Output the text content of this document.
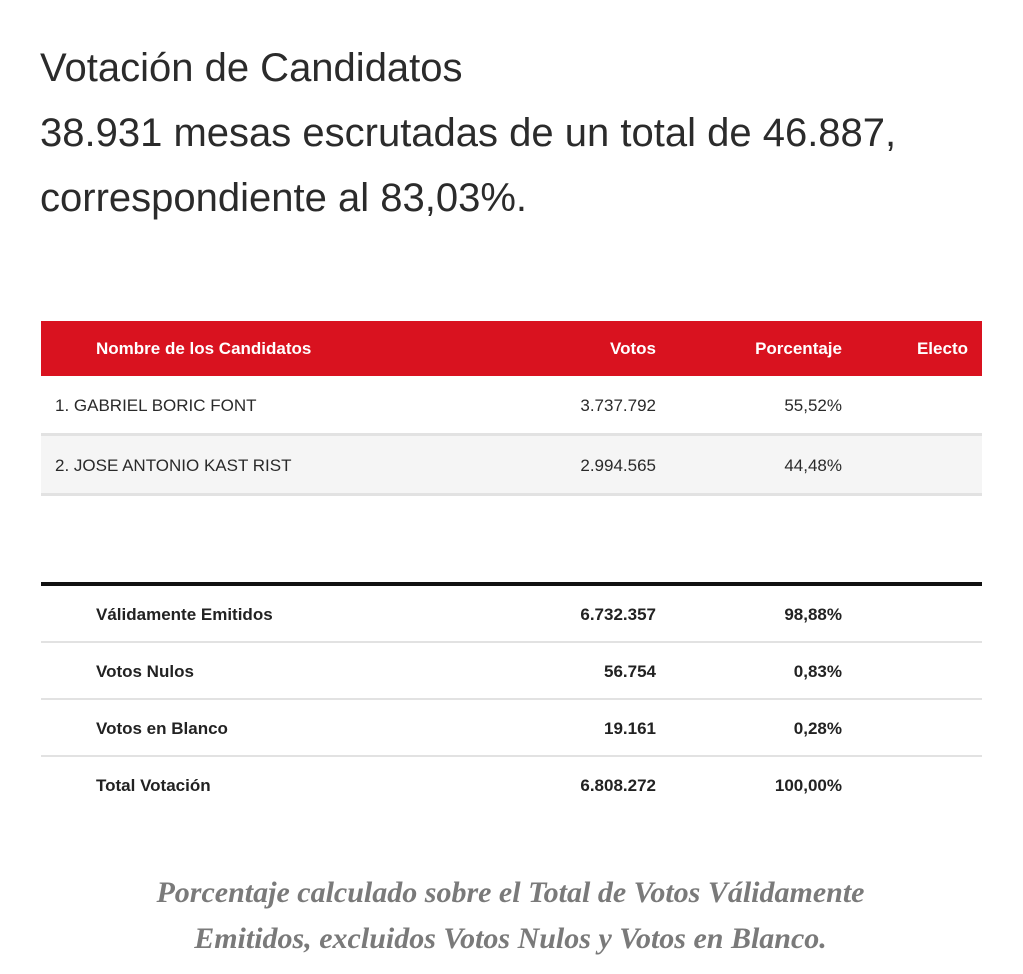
Votación de Candidatos
38.931 mesas escrutadas de un total de 46.887,
correspondiente al 83,03%.
Nombre de los Candidatos	Votos	Porcentaje	Electo
1. GABRIEL BORIC FONT	3.737.792	55,52%
2. JOSE ANTONIO KAST RIST	2.994.565	44,48%
Válidamente Emitidos	6.732.357	98,88%
Votos Nulos	56.754	0,83%
Votos en Blanco	19.161	0,28%
Total Votación	6.808.272	100,00%
Porcentaje calculado sobre el Total de Votos Válidamente
Emitidos, excluidos Votos Nulos y Votos en Blanco.
